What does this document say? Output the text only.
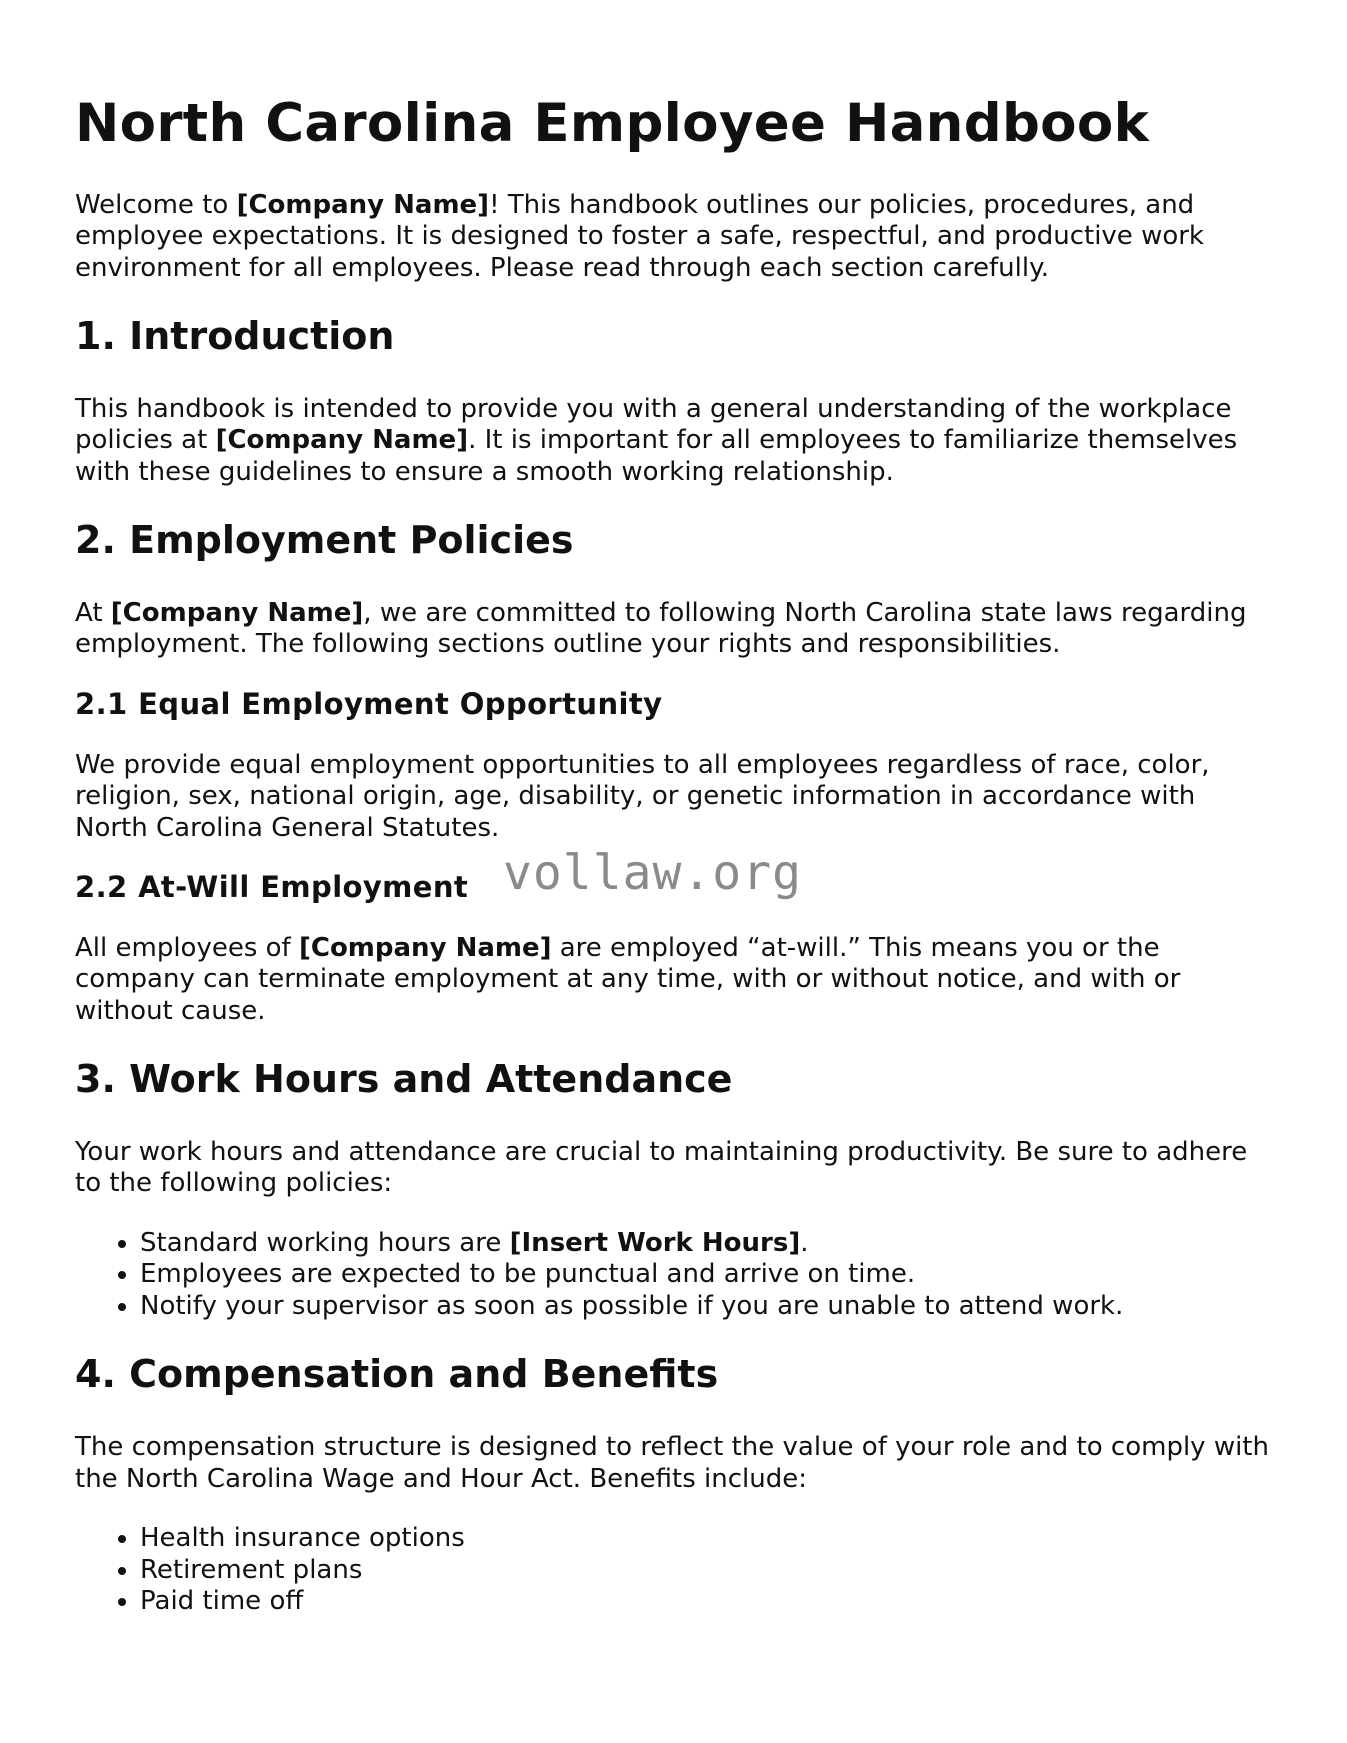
North Carolina Employee Handbook

Welcome to [Company Name]! This handbook outlines our policies, procedures, and employee expectations. It is designed to foster a safe, respectful, and productive work environment for all employees. Please read through each section carefully.

1. Introduction

This handbook is intended to provide you with a general understanding of the workplace policies at [Company Name]. It is important for all employees to familiarize themselves with these guidelines to ensure a smooth working relationship.

2. Employment Policies

At [Company Name], we are committed to following North Carolina state laws regarding employment. The following sections outline your rights and responsibilities.

2.1 Equal Employment Opportunity

We provide equal employment opportunities to all employees regardless of race, color, religion, sex, national origin, age, disability, or genetic information in accordance with North Carolina General Statutes.

2.2 At-Will Employment

All employees of [Company Name] are employed “at-will.” This means you or the company can terminate employment at any time, with or without notice, and with or without cause.

3. Work Hours and Attendance

Your work hours and attendance are crucial to maintaining productivity. Be sure to adhere to the following policies:

• Standard working hours are [Insert Work Hours].
• Employees are expected to be punctual and arrive on time.
• Notify your supervisor as soon as possible if you are unable to attend work.
4. Compensation and Benefits

The compensation structure is designed to reflect the value of your role and to comply with the North Carolina Wage and Hour Act. Benefits include:

• Health insurance options
• Retirement plans
• Paid time off
vollaw.org
